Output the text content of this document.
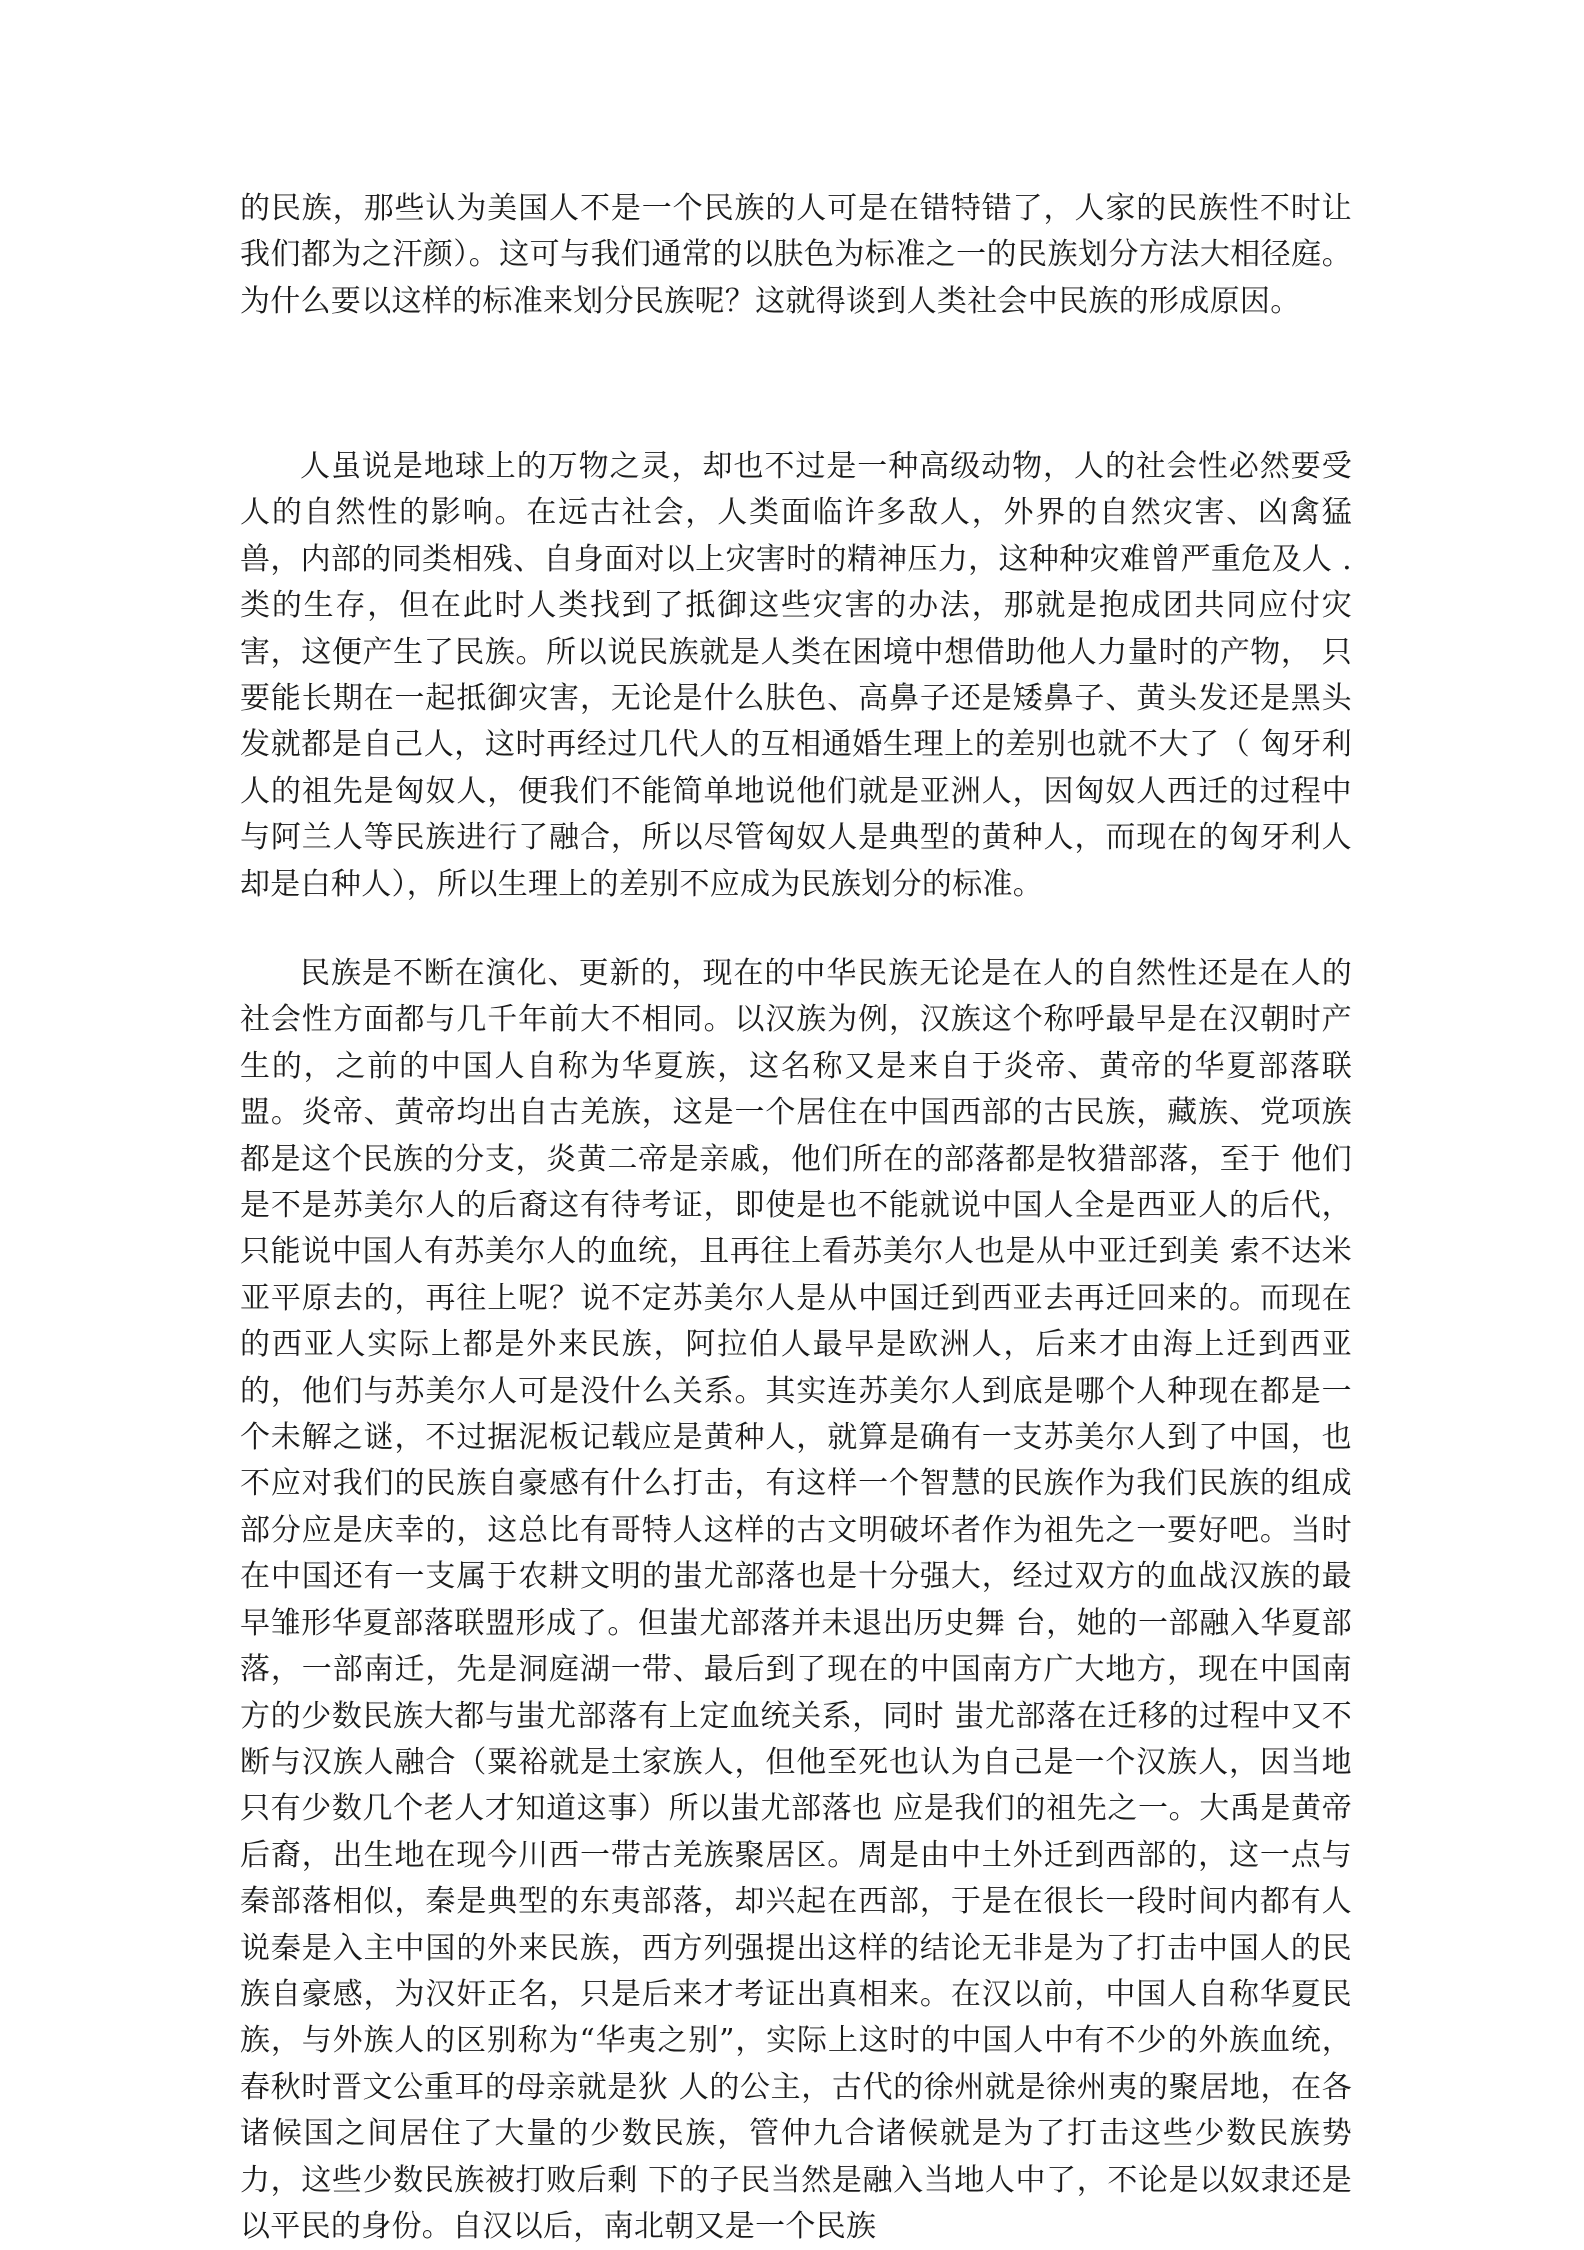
的民族，那些认为美国人不是一个民族的人可是在错特错了，人家的民族性不时让我们都为之汗颜）。这可与我们通常的以肤色为标准之一的民族划分方法大相径庭。为什么要以这样的标准来划分民族呢？这就得谈到人类社会中民族的形成原因。
人虽说是地球上的万物之灵，却也不过是一种高级动物，人的社会性必然要受人的自然性的影响。在远古社会，人类面临许多敌人，外界的自然灾害、凶禽猛兽，内部的同类相残、自身面对以上灾害时的精神压力，这种种灾难曾严重危及人 .类的生存，但在此时人类找到了抵御这些灾害的办法，那就是抱成团共同应付灾害，这便产生了民族。所以说民族就是人类在困境中想借助他人力量时的产物， 只要能长期在一起抵御灾害，无论是什么肤色、高鼻子还是矮鼻子、黄头发还是黑头发就都是自己人，这时再经过几代人的互相通婚生理上的差别也就不大了（ 匈牙利人的祖先是匈奴人，便我们不能简单地说他们就是亚洲人，因匈奴人西迁的过程中与阿兰人等民族进行了融合，所以尽管匈奴人是典型的黄种人，而现在的匈牙利人却是白种人），所以生理上的差别不应成为民族划分的标准。
民族是不断在演化、更新的，现在的中华民族无论是在人的自然性还是在人的社会性方面都与几千年前大不相同。以汉族为例，汉族这个称呼最早是在汉朝时产生的，之前的中国人自称为华夏族，这名称又是来自于炎帝、黄帝的华夏部落联 盟。炎帝、黄帝均出自古羌族，这是一个居住在中国西部的古民族，藏族、党项族都是这个民族的分支，炎黄二帝是亲戚，他们所在的部落都是牧猎部落，至于 他们是不是苏美尔人的后裔这有待考证，即使是也不能就说中国人全是西亚人的后代，只能说中国人有苏美尔人的血统，且再往上看苏美尔人也是从中亚迁到美 索不达米亚平原去的，再往上呢？说不定苏美尔人是从中国迁到西亚去再迁回来的。而现在的西亚人实际上都是外来民族，阿拉伯人最早是欧洲人，后来才由海上迁到西亚的，他们与苏美尔人可是没什么关系。其实连苏美尔人到底是哪个人种现在都是一个未解之谜，不过据泥板记载应是黄种人，就算是确有一支苏美尔人到了中国，也不应对我们的民族自豪感有什么打击，有这样一个智慧的民族作为我们民族的组成部分应是庆幸的，这总比有哥特人这样的古文明破坏者作为祖先之一要好吧。当时在中国还有一支属于农耕文明的蚩尤部落也是十分强大，经过双方的血战汉族的最早雏形华夏部落联盟形成了。但蚩尤部落并未退出历史舞 台，她的一部融入华夏部落，一部南迁，先是洞庭湖一带、最后到了现在的中国南方广大地方，现在中国南方的少数民族大都与蚩尤部落有上定血统关系，同时 蚩尤部落在迁移的过程中又不断与汉族人融合（粟裕就是土家族人，但他至死也认为自己是一个汉族人，因当地只有少数几个老人才知道这事）所以蚩尤部落也 应是我们的祖先之一。大禹是黄帝后裔，出生地在现今川西一带古羌族聚居区。周是由中土外迁到西部的，这一点与秦部落相似，秦是典型的东夷部落，却兴起在西部，于是在很长一段时间内都有人说秦是入主中国的外来民族，西方列强提出这样的结论无非是为了打击中国人的民族自豪感，为汉奸正名，只是后来才考证出真相来。在汉以前，中国人自称华夏民族，与外族人的区别称为“华夷之别”，实际上这时的中国人中有不少的外族血统，春秋时晋文公重耳的母亲就是狄 人的公主，古代的徐州就是徐州夷的聚居地，在各诸候国之间居住了大量的少数民族，管仲九合诸候就是为了打击这些少数民族势力，这些少数民族被打败后剩 下的子民当然是融入当地人中了，不论是以奴隶还是以平民的身份。自汉以后，南北朝又是一个民族
